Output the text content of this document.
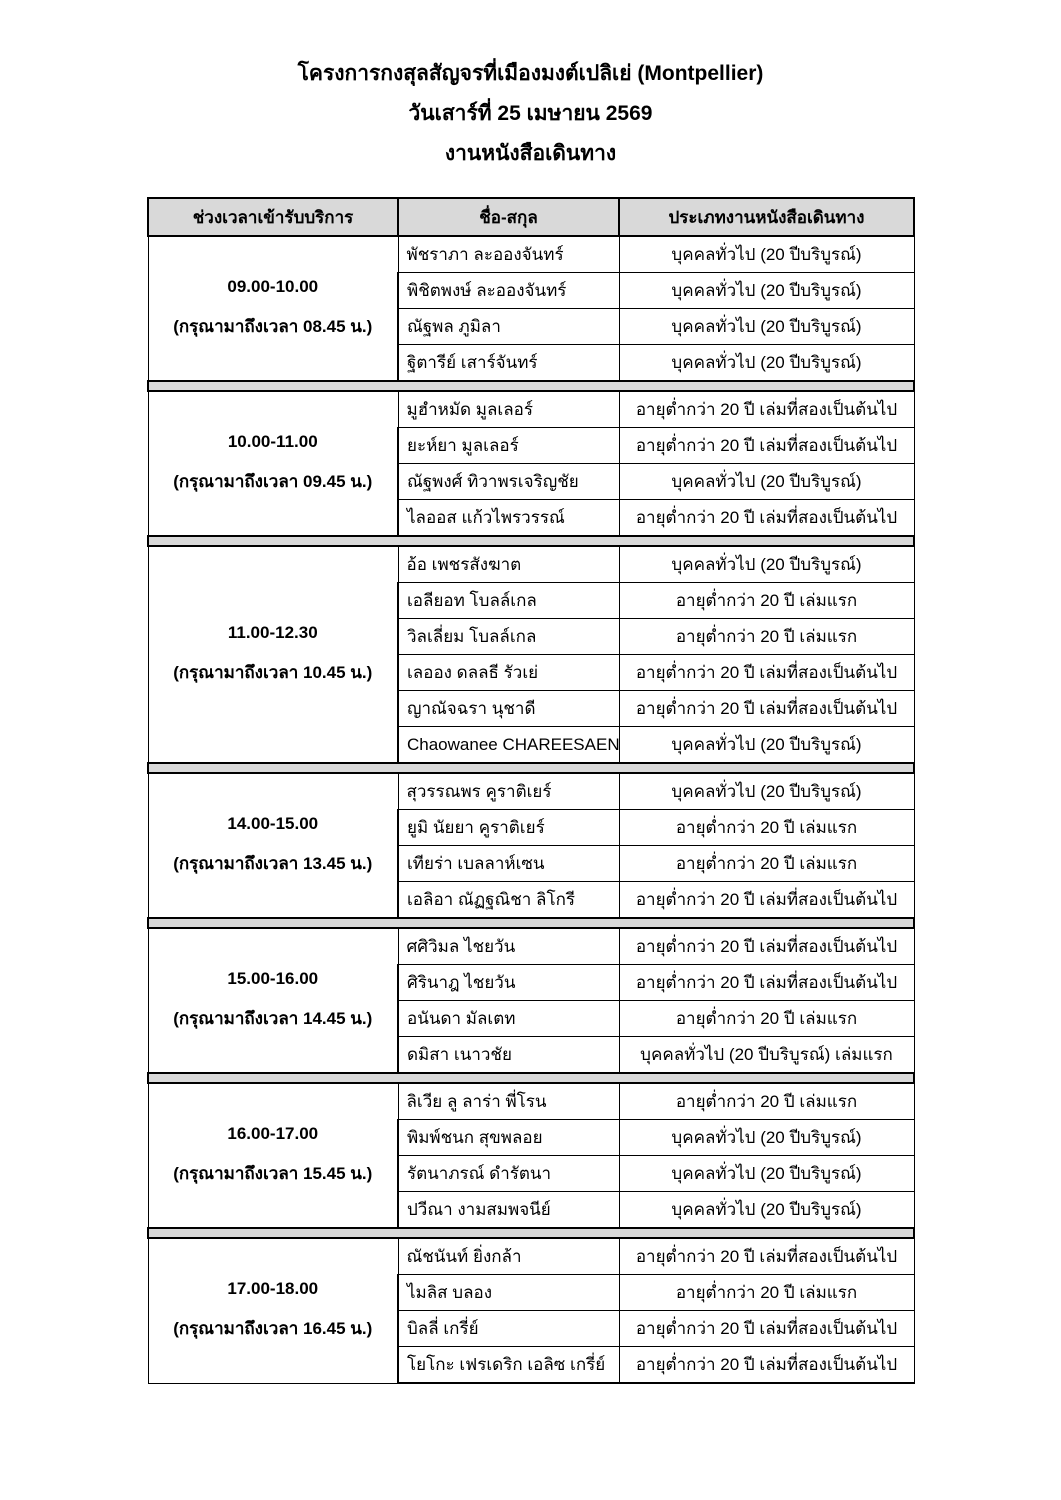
โครงการกงสุลสัญจรที่เมืองมงต์เปลิเย่ (Montpellier)
วันเสาร์ที่ 25 เมษายน 2569
งานหนังสือเดินทาง
ช่วงเวลาเข้ารับบริการ	ชื่อ-สกุล	ประเภทงานหนังสือเดินทาง

09.00-10.00
(กรุณามาถึงเวลา 08.45 น.)	พัชราภา ละอองจันทร์	บุคคลทั่วไป (20 ปีบริบูรณ์)
	พิชิตพงษ์ ละอองจันทร์	บุคคลทั่วไป (20 ปีบริบูรณ์)
	ณัฐพล ภูมิลา	บุคคลทั่วไป (20 ปีบริบูรณ์)
	ฐิตารีย์ เสาร์จันทร์	บุคคลทั่วไป (20 ปีบริบูรณ์)

10.00-11.00
(กรุณามาถึงเวลา 09.45 น.)	มูฮำหมัด มูลเลอร์	อายุต่ำกว่า 20 ปี เล่มที่สองเป็นต้นไป
	ยะห์ยา มูลเลอร์	อายุต่ำกว่า 20 ปี เล่มที่สองเป็นต้นไป
	ณัฐพงศ์ ทิวาพรเจริญชัย	บุคคลทั่วไป (20 ปีบริบูรณ์)
	ไลออส แก้วไพรวรรณ์	อายุต่ำกว่า 20 ปี เล่มที่สองเป็นต้นไป

11.00-12.30
(กรุณามาถึงเวลา 10.45 น.)	อ้อ เพชรสังฆาต	บุคคลทั่วไป (20 ปีบริบูรณ์)
	เอลียอท โบลล์เกล	อายุต่ำกว่า 20 ปี เล่มแรก
	วิลเลี่ยม โบลล์เกล	อายุต่ำกว่า 20 ปี เล่มแรก
	เลออง ดลลธี รัวเย่	อายุต่ำกว่า 20 ปี เล่มที่สองเป็นต้นไป
	ญาณัจฉรา นุชาดี	อายุต่ำกว่า 20 ปี เล่มที่สองเป็นต้นไป
	Chaowanee CHAREESAEN	บุคคลทั่วไป (20 ปีบริบูรณ์)

14.00-15.00
(กรุณามาถึงเวลา 13.45 น.)	สุวรรณพร คูราติเยร์	บุคคลทั่วไป (20 ปีบริบูรณ์)
	ยูมิ นัยยา คูราติเยร์	อายุต่ำกว่า 20 ปี เล่มแรก
	เทียร่า เบลลาห์เซน	อายุต่ำกว่า 20 ปี เล่มแรก
	เอลิอา ณัฏฐณิชา ลิโกรี	อายุต่ำกว่า 20 ปี เล่มที่สองเป็นต้นไป

15.00-16.00
(กรุณามาถึงเวลา 14.45 น.)	ศศิวิมล ไชยวัน	อายุต่ำกว่า 20 ปี เล่มที่สองเป็นต้นไป
	ศิรินาฎ ไชยวัน	อายุต่ำกว่า 20 ปี เล่มที่สองเป็นต้นไป
	อนันดา มัลเตท	อายุต่ำกว่า 20 ปี เล่มแรก
	ดมิสา เนาวชัย	บุคคลทั่วไป (20 ปีบริบูรณ์) เล่มแรก

16.00-17.00
(กรุณามาถึงเวลา 15.45 น.)	ลิเวีย ลู ลาร่า พี่โรน	อายุต่ำกว่า 20 ปี เล่มแรก
	พิมพ์ชนก สุขพลอย	บุคคลทั่วไป (20 ปีบริบูรณ์)
	รัตนาภรณ์ ดำรัตนา	บุคคลทั่วไป (20 ปีบริบูรณ์)
	ปวีณา งามสมพจนีย์	บุคคลทั่วไป (20 ปีบริบูรณ์)

17.00-18.00
(กรุณามาถึงเวลา 16.45 น.)	ณัชนันท์ ยิ่งกล้า	อายุต่ำกว่า 20 ปี เล่มที่สองเป็นต้นไป
	ไมลิส บลอง	อายุต่ำกว่า 20 ปี เล่มแรก
	บิลลี่ เกรี่ย์	อายุต่ำกว่า 20 ปี เล่มที่สองเป็นต้นไป
	โยโกะ เฟรเดริก เอลิซ เกรี่ย์	อายุต่ำกว่า 20 ปี เล่มที่สองเป็นต้นไป
